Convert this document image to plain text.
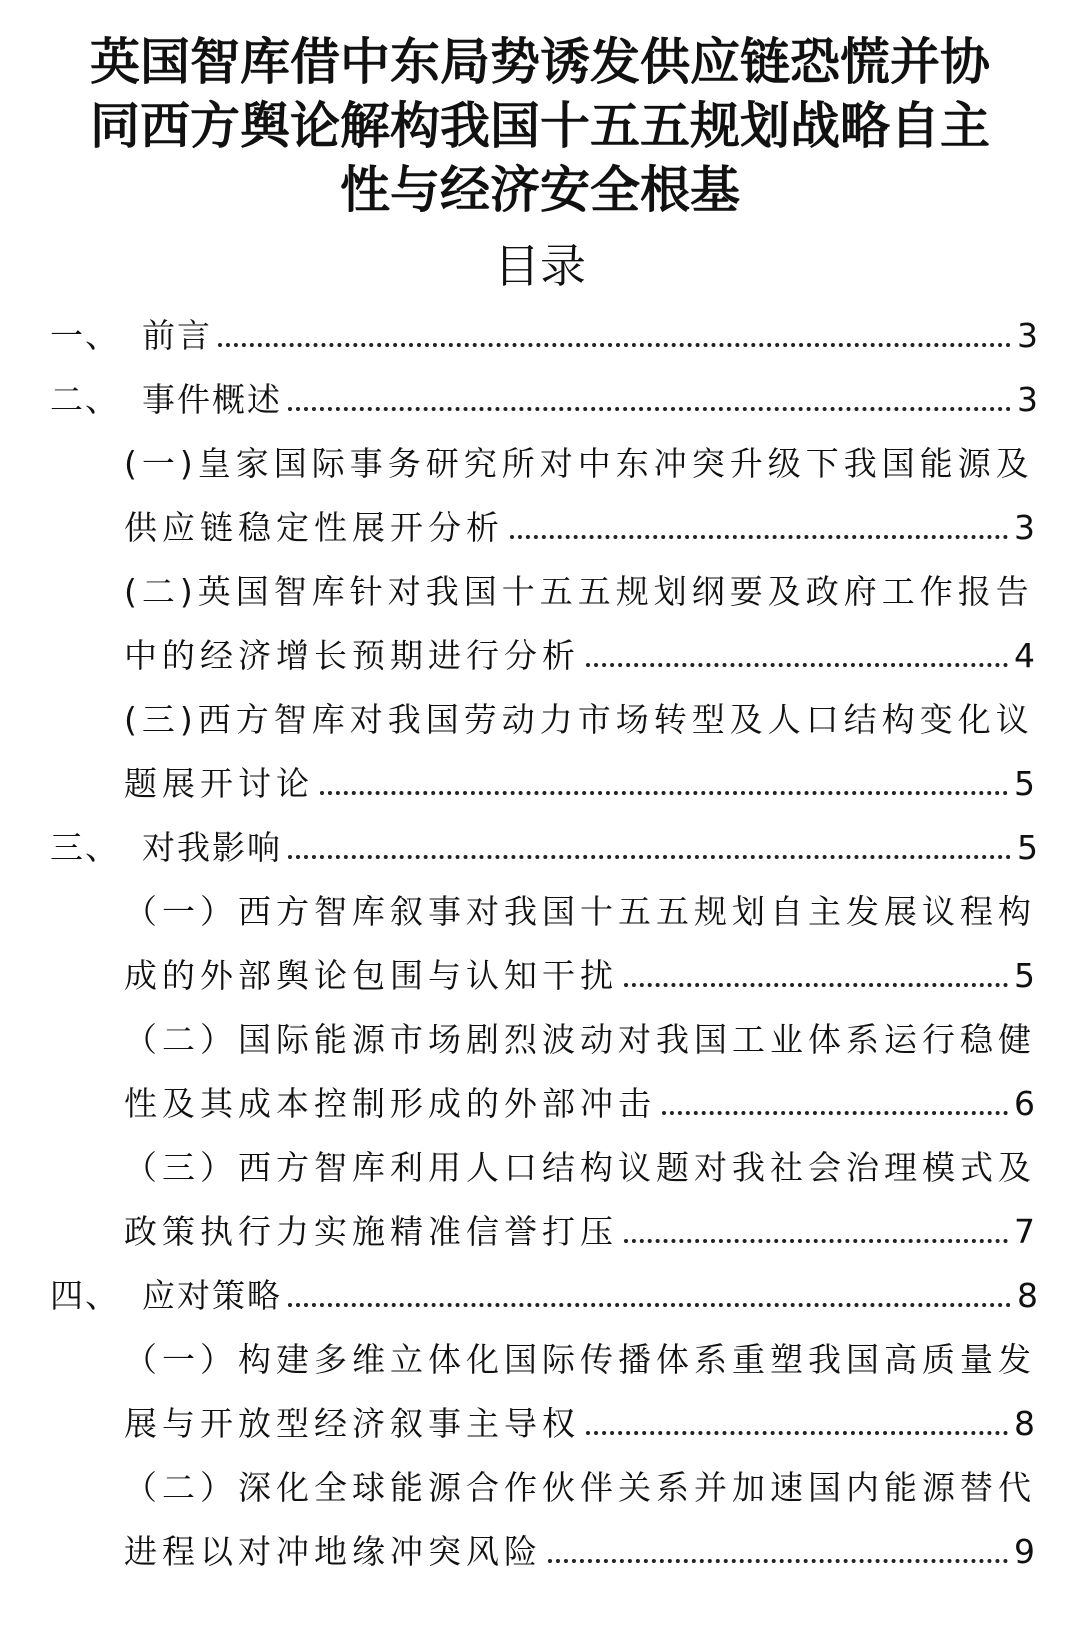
英国智库借中东局势诱发供应链恐慌并协
同西方舆论解构我国十五五规划战略自主
性与经济安全根基
目录
一、 前言	3
二、 事件概述	3
(一)皇家国际事务研究所对中东冲突升级下我国能源及
供应链稳定性展开分析	3
(二)英国智库针对我国十五五规划纲要及政府工作报告
中的经济增长预期进行分析	4
(三)西方智库对我国劳动力市场转型及人口结构变化议
题展开讨论	5
三、 对我影响	5
（一）西方智库叙事对我国十五五规划自主发展议程构
成的外部舆论包围与认知干扰	5
（二）国际能源市场剧烈波动对我国工业体系运行稳健
性及其成本控制形成的外部冲击	6
（三）西方智库利用人口结构议题对我社会治理模式及
政策执行力实施精准信誉打压	7
四、 应对策略	8
（一）构建多维立体化国际传播体系重塑我国高质量发
展与开放型经济叙事主导权	8
（二）深化全球能源合作伙伴关系并加速国内能源替代
进程以对冲地缘冲突风险	9
